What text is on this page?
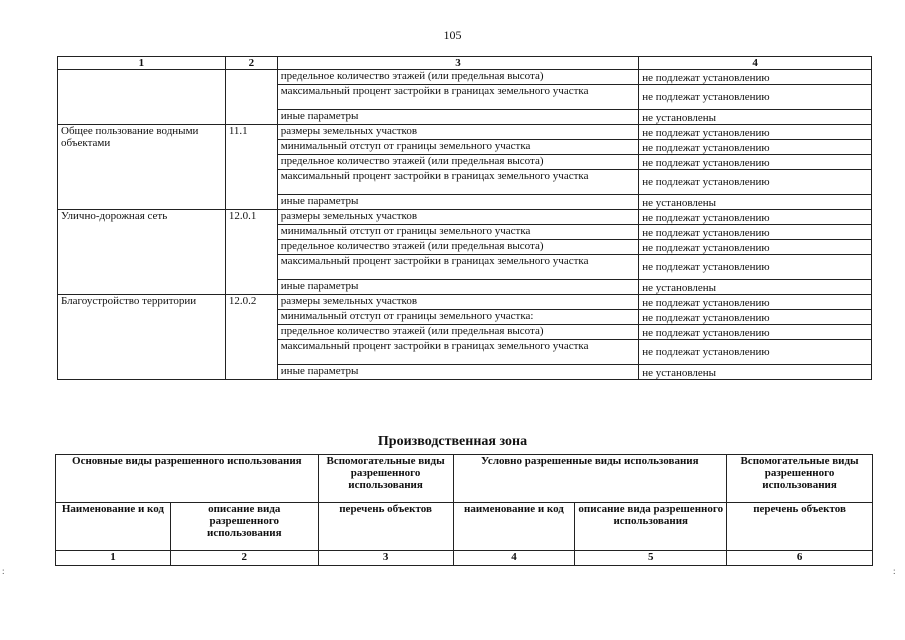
105
1	2	3	4
		предельное количество этажей (или предельная высота)	не подлежат установлению
		максимальный процент застройки в границах земельного участка	не подлежат установлению
		иные параметры	не установлены
Общее пользование водными объектами	11.1	размеры земельных участков	не подлежат установлению
		минимальный отступ от границы земельного участка	не подлежат установлению
		предельное количество этажей (или предельная высота)	не подлежат установлению
		максимальный процент застройки в границах земельного участка	не подлежат установлению
		иные параметры	не установлены
Улично-дорожная сеть	12.0.1	размеры земельных участков	не подлежат установлению
		минимальный отступ от границы земельного участка	не подлежат установлению
		предельное количество этажей (или предельная высота)	не подлежат установлению
		максимальный процент застройки в границах земельного участка	не подлежат установлению
		иные параметры	не установлены
Благоустройство территории	12.0.2	размеры земельных участков	не подлежат установлению
		минимальный отступ от границы земельного участка:	не подлежат установлению
		предельное количество этажей (или предельная высота)	не подлежат установлению
		максимальный процент застройки в границах земельного участка	не подлежат установлению
		иные параметры	не установлены
Производственная зона
Основные виды разрешенного использования		Вспомогательные виды разрешенного использования	Условно разрешенные виды использования		Вспомогательные виды разрешенного использования
Наименование и код	описание вида разрешенного использования	перечень объектов	наименование и код	описание вида разрешенного использования	перечень объектов
1	2	3	4	5	6
:	:
